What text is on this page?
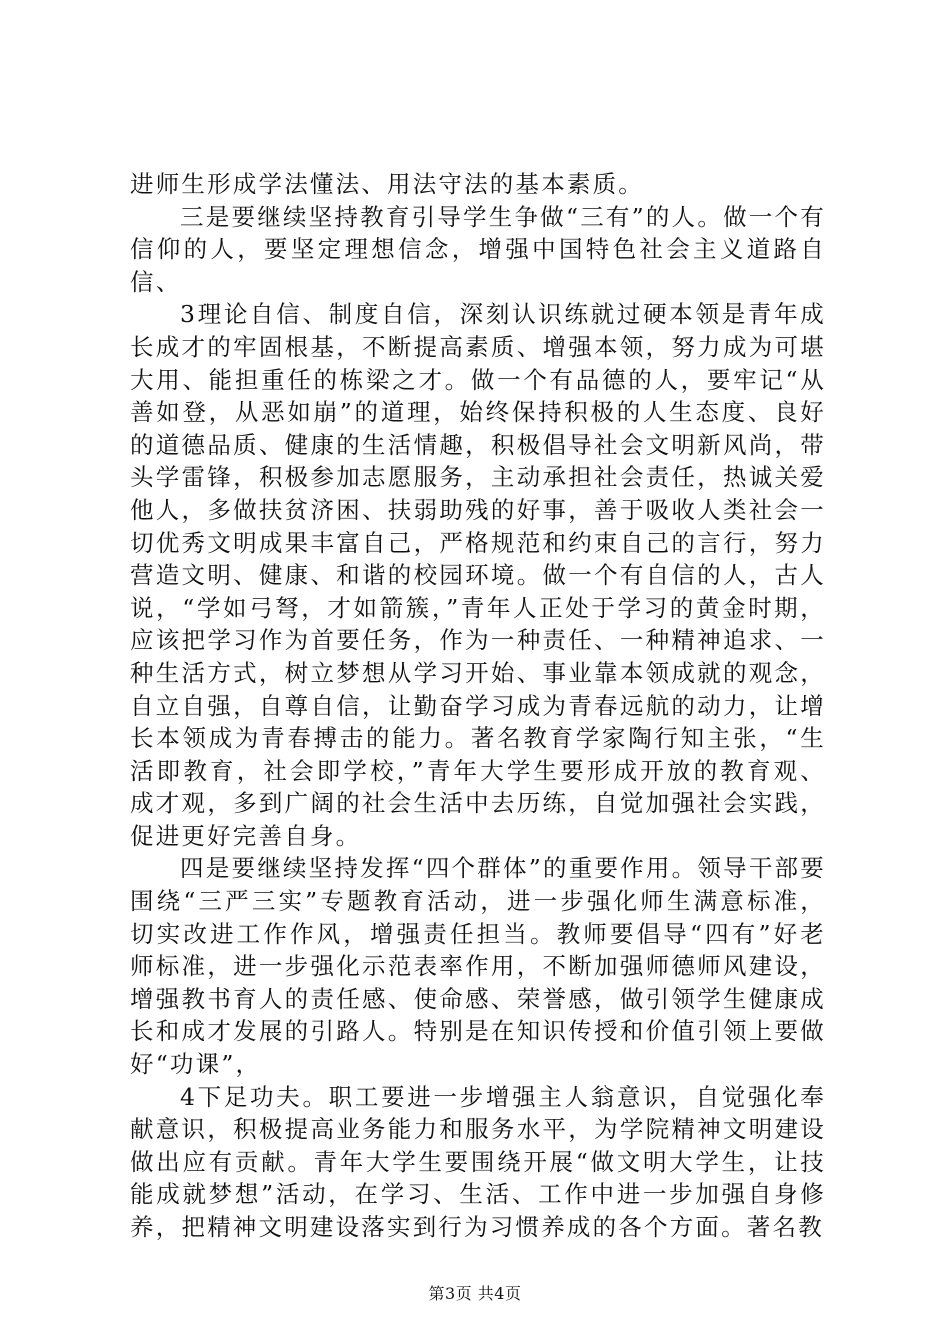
进师生形成学法懂法、用法守法的基本素质。

三是要继续坚持教育引导学生争做“三有”的人。做一个有信仰的人，要坚定理想信念，增强中国特色社会主义道路自信、

3理论自信、制度自信，深刻认识练就过硬本领是青年成长成才的牢固根基，不断提高素质、增强本领，努力成为可堪大用、能担重任的栋梁之才。做一个有品德的人，要牢记“从善如登，从恶如崩”的道理，始终保持积极的人生态度、良好的道德品质、健康的生活情趣，积极倡导社会文明新风尚，带头学雷锋，积极参加志愿服务，主动承担社会责任，热诚关爱他人，多做扶贫济困、扶弱助残的好事，善于吸收人类社会一切优秀文明成果丰富自己，严格规范和约束自己的言行，努力营造文明、健康、和谐的校园环境。做一个有自信的人，古人说，“学如弓弩，才如箭簇，”青年人正处于学习的黄金时期，应该把学习作为首要任务，作为一种责任、一种精神追求、一种生活方式，树立梦想从学习开始、事业靠本领成就的观念，自立自强，自尊自信，让勤奋学习成为青春远航的动力，让增长本领成为青春搏击的能力。著名教育学家陶行知主张，“生活即教育，社会即学校，”青年大学生要形成开放的教育观、成才观，多到广阔的社会生活中去历练，自觉加强社会实践，促进更好完善自身。

四是要继续坚持发挥“四个群体”的重要作用。领导干部要围绕“三严三实”专题教育活动，进一步强化师生满意标准，切实改进工作作风，增强责任担当。教师要倡导“四有”好老师标准，进一步强化示范表率作用，不断加强师德师风建设，增强教书育人的责任感、使命感、荣誉感，做引领学生健康成长和成才发展的引路人。特别是在知识传授和价值引领上要做好“功课”，

4下足功夫。职工要进一步增强主人翁意识，自觉强化奉献意识，积极提高业务能力和服务水平，为学院精神文明建设做出应有贡献。青年大学生要围绕开展“做文明大学生，让技能成就梦想”活动，在学习、生活、工作中进一步加强自身修养，把精神文明建设落实到行为习惯养成的各个方面。著名教

第3页 共4页
